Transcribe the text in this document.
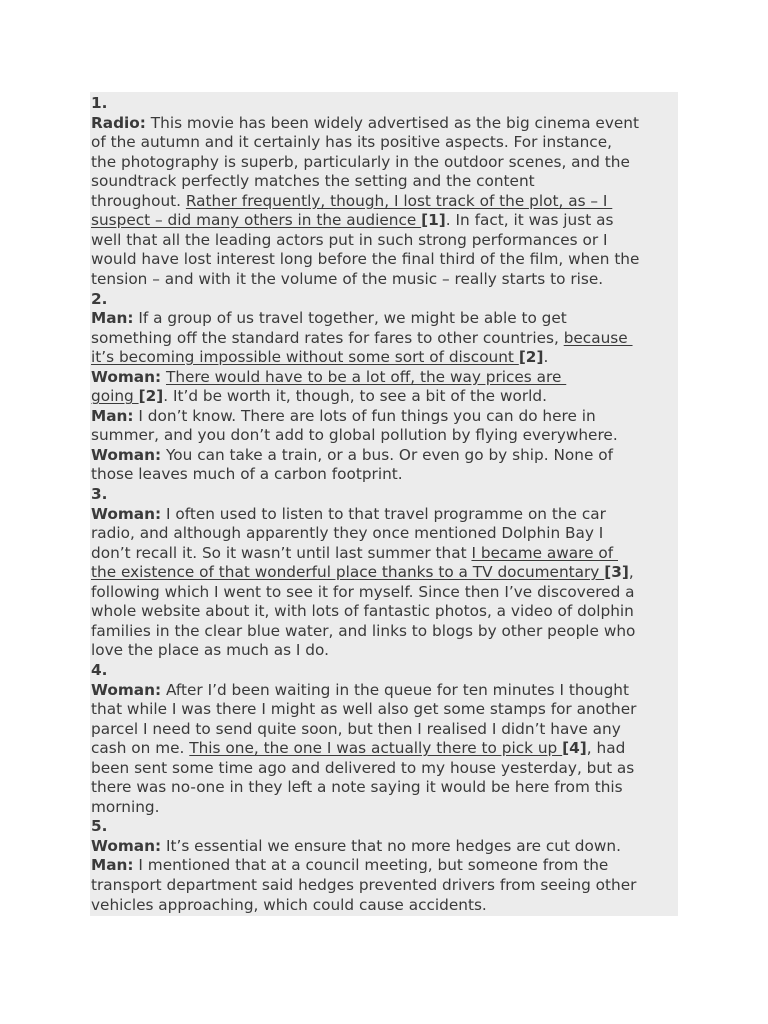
1.
Radio: This movie has been widely advertised as the big cinema event
of the autumn and it certainly has its positive aspects. For instance,
the photography is superb, particularly in the outdoor scenes, and the
soundtrack perfectly matches the setting and the content
throughout. Rather frequently, though, I lost track of the plot, as – I
suspect – did many others in the audience [1]. In fact, it was just as
well that all the leading actors put in such strong performances or I
would have lost interest long before the final third of the film, when the
tension – and with it the volume of the music – really starts to rise.
2.
Man: If a group of us travel together, we might be able to get
something off the standard rates for fares to other countries, because
it’s becoming impossible without some sort of discount [2].
Woman: There would have to be a lot off, the way prices are
going [2]. It’d be worth it, though, to see a bit of the world.
Man: I don’t know. There are lots of fun things you can do here in
summer, and you don’t add to global pollution by flying everywhere.
Woman: You can take a train, or a bus. Or even go by ship. None of
those leaves much of a carbon footprint.
3.
Woman: I often used to listen to that travel programme on the car
radio, and although apparently they once mentioned Dolphin Bay I
don’t recall it. So it wasn’t until last summer that I became aware of
the existence of that wonderful place thanks to a TV documentary [3],
following which I went to see it for myself. Since then I’ve discovered a
whole website about it, with lots of fantastic photos, a video of dolphin
families in the clear blue water, and links to blogs by other people who
love the place as much as I do.
4.
Woman: After I’d been waiting in the queue for ten minutes I thought
that while I was there I might as well also get some stamps for another
parcel I need to send quite soon, but then I realised I didn’t have any
cash on me. This one, the one I was actually there to pick up [4], had
been sent some time ago and delivered to my house yesterday, but as
there was no-one in they left a note saying it would be here from this
morning.
5.
Woman: It’s essential we ensure that no more hedges are cut down.
Man: I mentioned that at a council meeting, but someone from the
transport department said hedges prevented drivers from seeing other
vehicles approaching, which could cause accidents.
